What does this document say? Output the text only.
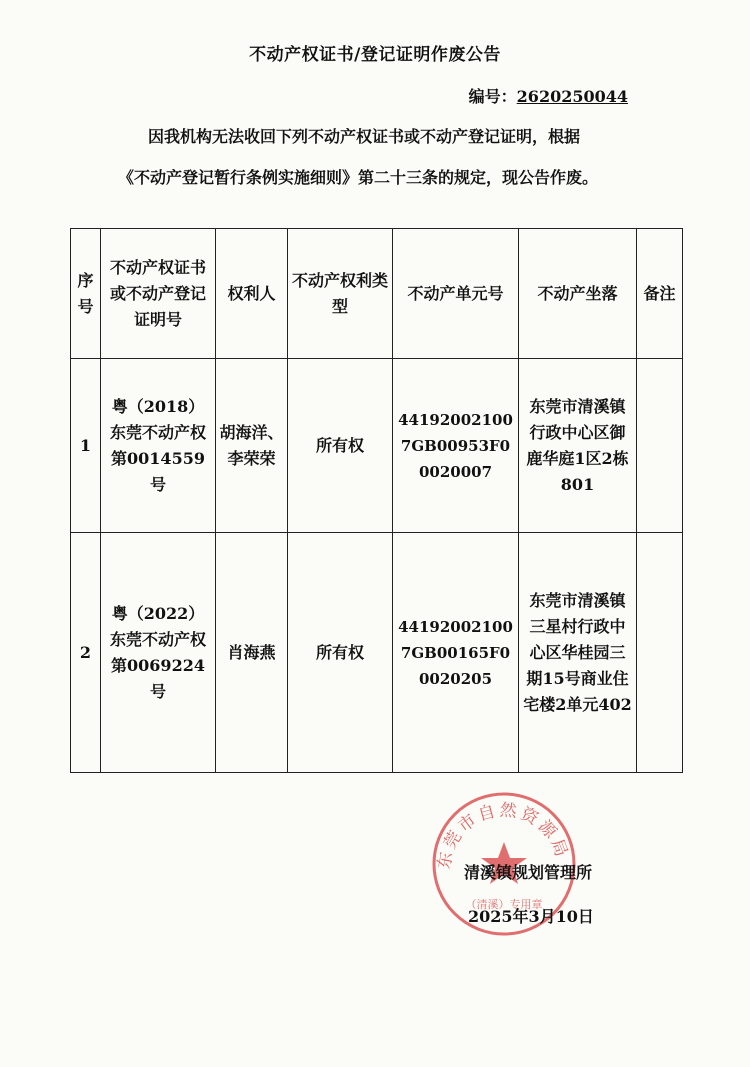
不动产权证书/登记证明作废公告
编号：2620250044
因我机构无法收回下列不动产权证书或不动产登记证明，根据
《不动产登记暂行条例实施细则》第二十三条的规定，现公告作废。
序号	不动产权证书或不动产登记证明号	权利人	不动产权利类型	不动产单元号	不动产坐落	备注
1	粤（2018）东莞不动产权第0014559号	胡海洋、李荣荣	所有权	441920021007GB00953F00020007	东莞市清溪镇行政中心区御鹿华庭1区2栋801	
2	粤（2022）东莞不动产权第0069224号	肖海燕	所有权	441920021007GB00165F00020205	东莞市清溪镇三星村行政中心区华桂园三期15号商业住宅楼2单元402	
东莞市自然资源局
（清溪）专用章
清溪镇规划管理所
2025年3月10日
